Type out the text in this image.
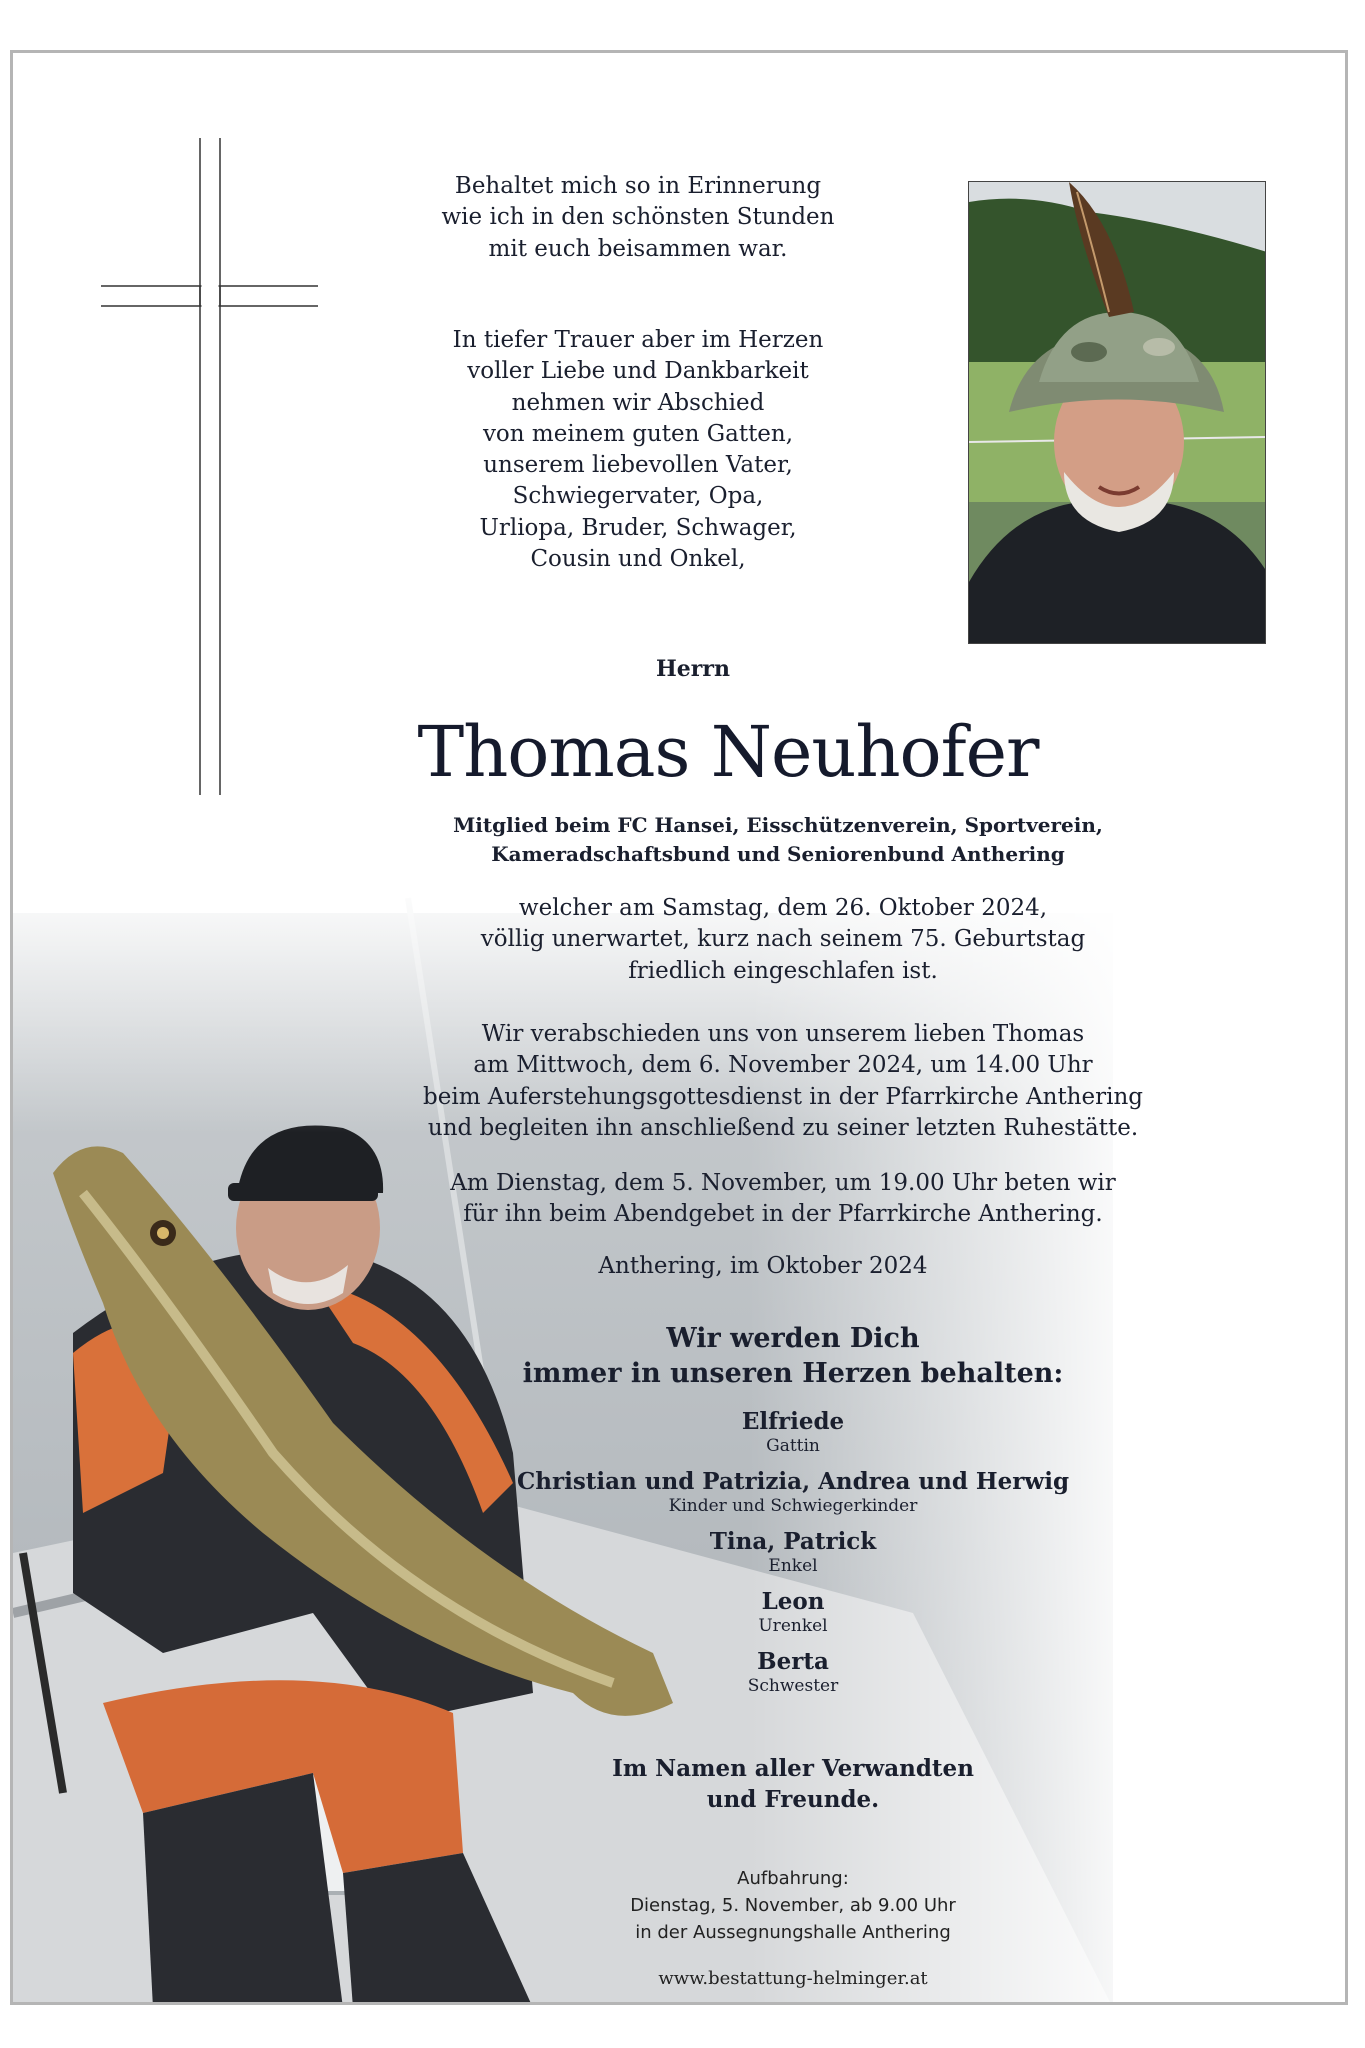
Behaltet mich so in Erinnerung
wie ich in den schönsten Stunden
mit euch beisammen war.
In tiefer Trauer aber im Herzen
voller Liebe und Dankbarkeit
nehmen wir Abschied
von meinem guten Gatten,
unserem liebevollen Vater,
Schwiegervater, Opa,
Urliopa, Bruder, Schwager,
Cousin und Onkel,
Herrn
Thomas Neuhofer
Mitglied beim FC Hansei, Eisschützenverein, Sportverein,
Kameradschaftsbund und Seniorenbund Anthering
welcher am Samstag, dem 26. Oktober 2024,
völlig unerwartet, kurz nach seinem 75. Geburtstag
friedlich eingeschlafen ist.
Wir verabschieden uns von unserem lieben Thomas
am Mittwoch, dem 6. November 2024, um 14.00 Uhr
beim Auferstehungsgottesdienst in der Pfarrkirche Anthering
und begleiten ihn anschließend zu seiner letzten Ruhestätte.
Am Dienstag, dem 5. November, um 19.00 Uhr beten wir
für ihn beim Abendgebet in der Pfarrkirche Anthering.
Anthering, im Oktober 2024
Wir werden Dich
immer in unseren Herzen behalten:
Elfriede
Gattin
Christian und Patrizia, Andrea und Herwig
Kinder und Schwiegerkinder
Tina, Patrick
Enkel
Leon
Urenkel
Berta
Schwester
Im Namen aller Verwandten
und Freunde.
Aufbahrung:
Dienstag, 5. November, ab 9.00 Uhr
in der Aussegnungshalle Anthering
www.bestattung-helminger.at
